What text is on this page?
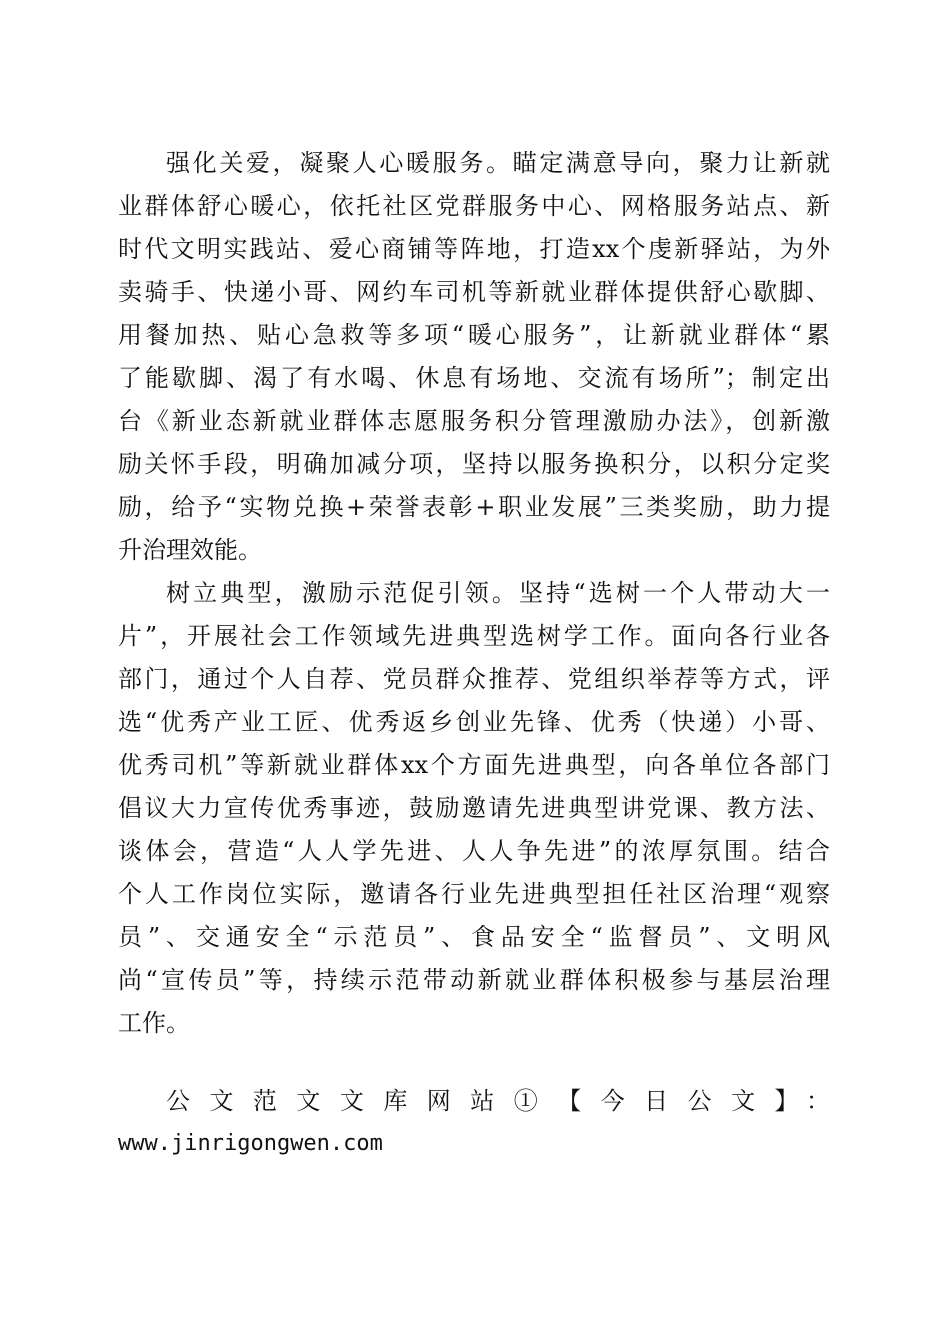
强化关爱，凝聚人心暖服务。瞄定满意导向，聚力让新就
业群体舒心暖心，依托社区党群服务中心、网格服务站点、新
时代文明实践站、爱心商铺等阵地，打造xx个虔新驿站，为外
卖骑手、快递小哥、网约车司机等新就业群体提供舒心歇脚、
用餐加热、贴心急救等多项“暖心服务”，让新就业群体“累
了能歇脚、渴了有水喝、休息有场地、交流有场所”；制定出
台《新业态新就业群体志愿服务积分管理激励办法》，创新激
励关怀手段，明确加减分项，坚持以服务换积分，以积分定奖
励，给予“实物兑换+荣誉表彰+职业发展”三类奖励，助力提
升治理效能。
树立典型，激励示范促引领。坚持“选树一个人带动大一
片”，开展社会工作领域先进典型选树学工作。面向各行业各
部门，通过个人自荐、党员群众推荐、党组织举荐等方式，评
选“优秀产业工匠、优秀返乡创业先锋、优秀（快递）小哥、
优秀司机”等新就业群体xx个方面先进典型，向各单位各部门
倡议大力宣传优秀事迹，鼓励邀请先进典型讲党课、教方法、
谈体会，营造“人人学先进、人人争先进”的浓厚氛围。结合
个人工作岗位实际，邀请各行业先进典型担任社区治理“观察
员”、交通安全“示范员”、食品安全“监督员”、文明风
尚“宣传员”等，持续示范带动新就业群体积极参与基层治理
工作。
公文范文文库网站①【今日公文】：
www.jinrigongwen.com
